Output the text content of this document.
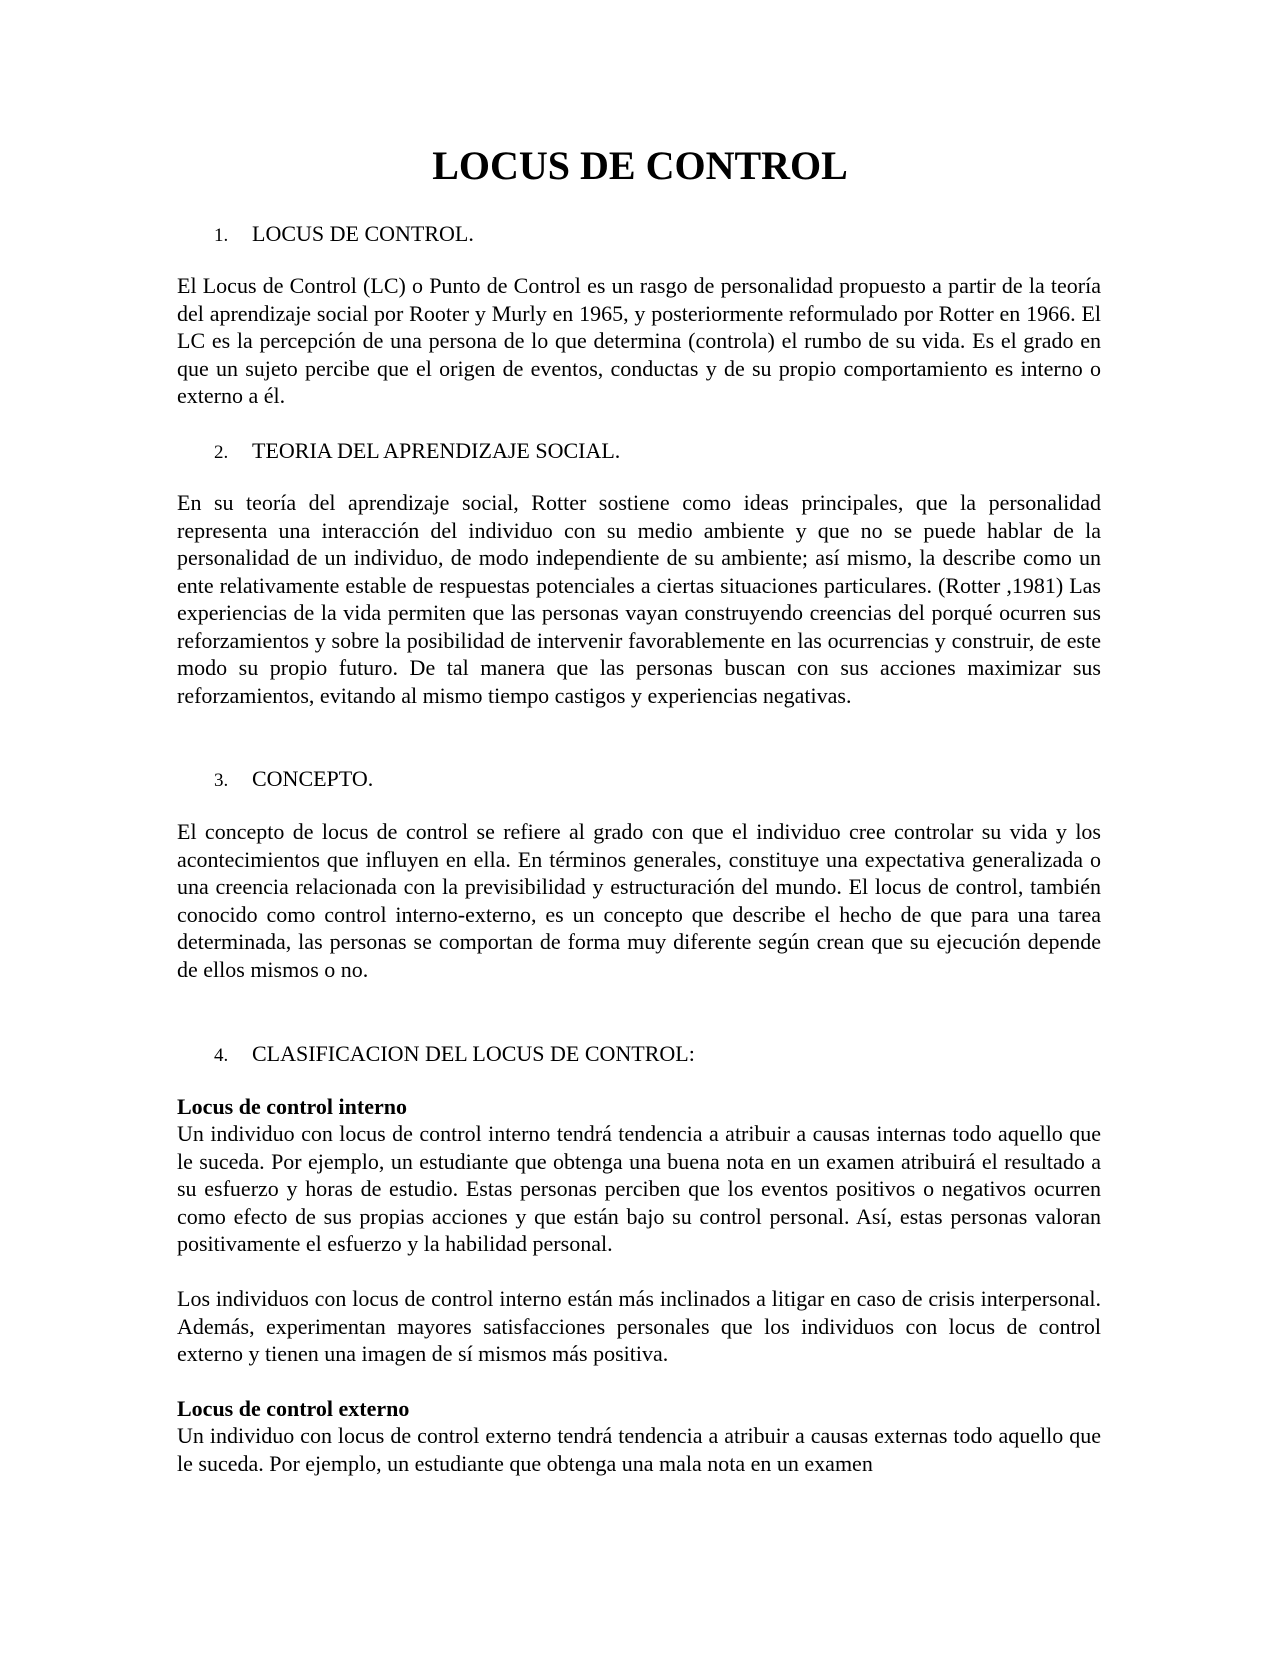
LOCUS DE CONTROL

1. LOCUS DE CONTROL.

El Locus de Control (LC) o Punto de Control es un rasgo de personalidad propuesto a partir de la teoría del aprendizaje social por Rooter y Murly en 1965, y posteriormente reformulado por Rotter en 1966. El LC es la percepción de una persona de lo que determina (controla) el rumbo de su vida. Es el grado en que un sujeto percibe que el origen de eventos, conductas y de su propio comportamiento es interno o externo a él.

2. TEORIA DEL APRENDIZAJE SOCIAL.

En su teoría del aprendizaje social, Rotter sostiene como ideas principales, que la personalidad representa una interacción del individuo con su medio ambiente y que no se puede hablar de la personalidad de un individuo, de modo independiente de su ambiente; así mismo, la describe como un ente relativamente estable de respuestas potenciales a ciertas situaciones particulares. (Rotter ,1981) Las experiencias de la vida permiten que las personas vayan construyendo creencias del porqué ocurren sus reforzamientos y sobre la posibilidad de intervenir favorablemente en las ocurrencias y construir, de este modo su propio futuro. De tal manera que las personas buscan con sus acciones maximizar sus reforzamientos, evitando al mismo tiempo castigos y experiencias negativas.

3. CONCEPTO.

El concepto de locus de control se refiere al grado con que el individuo cree controlar su vida y los acontecimientos que influyen en ella. En términos generales, constituye una expectativa generalizada o una creencia relacionada con la previsibilidad y estructuración del mundo. El locus de control, también conocido como control interno-externo, es un concepto que describe el hecho de que para una tarea determinada, las personas se comportan de forma muy diferente según crean que su ejecución depende de ellos mismos o no.

4. CLASIFICACION DEL LOCUS DE CONTROL:

Locus de control interno

Un individuo con locus de control interno tendrá tendencia a atribuir a causas internas todo aquello que le suceda. Por ejemplo, un estudiante que obtenga una buena nota en un examen atribuirá el resultado a su esfuerzo y horas de estudio. Estas personas perciben que los eventos positivos o negativos ocurren como efecto de sus propias acciones y que están bajo su control personal. Así, estas personas valoran positivamente el esfuerzo y la habilidad personal.

Los individuos con locus de control interno están más inclinados a litigar en caso de crisis interpersonal. Además, experimentan mayores satisfacciones personales que los individuos con locus de control externo y tienen una imagen de sí mismos más positiva.

Locus de control externo

Un individuo con locus de control externo tendrá tendencia a atribuir a causas externas todo aquello que le suceda. Por ejemplo, un estudiante que obtenga una mala nota en un examen
